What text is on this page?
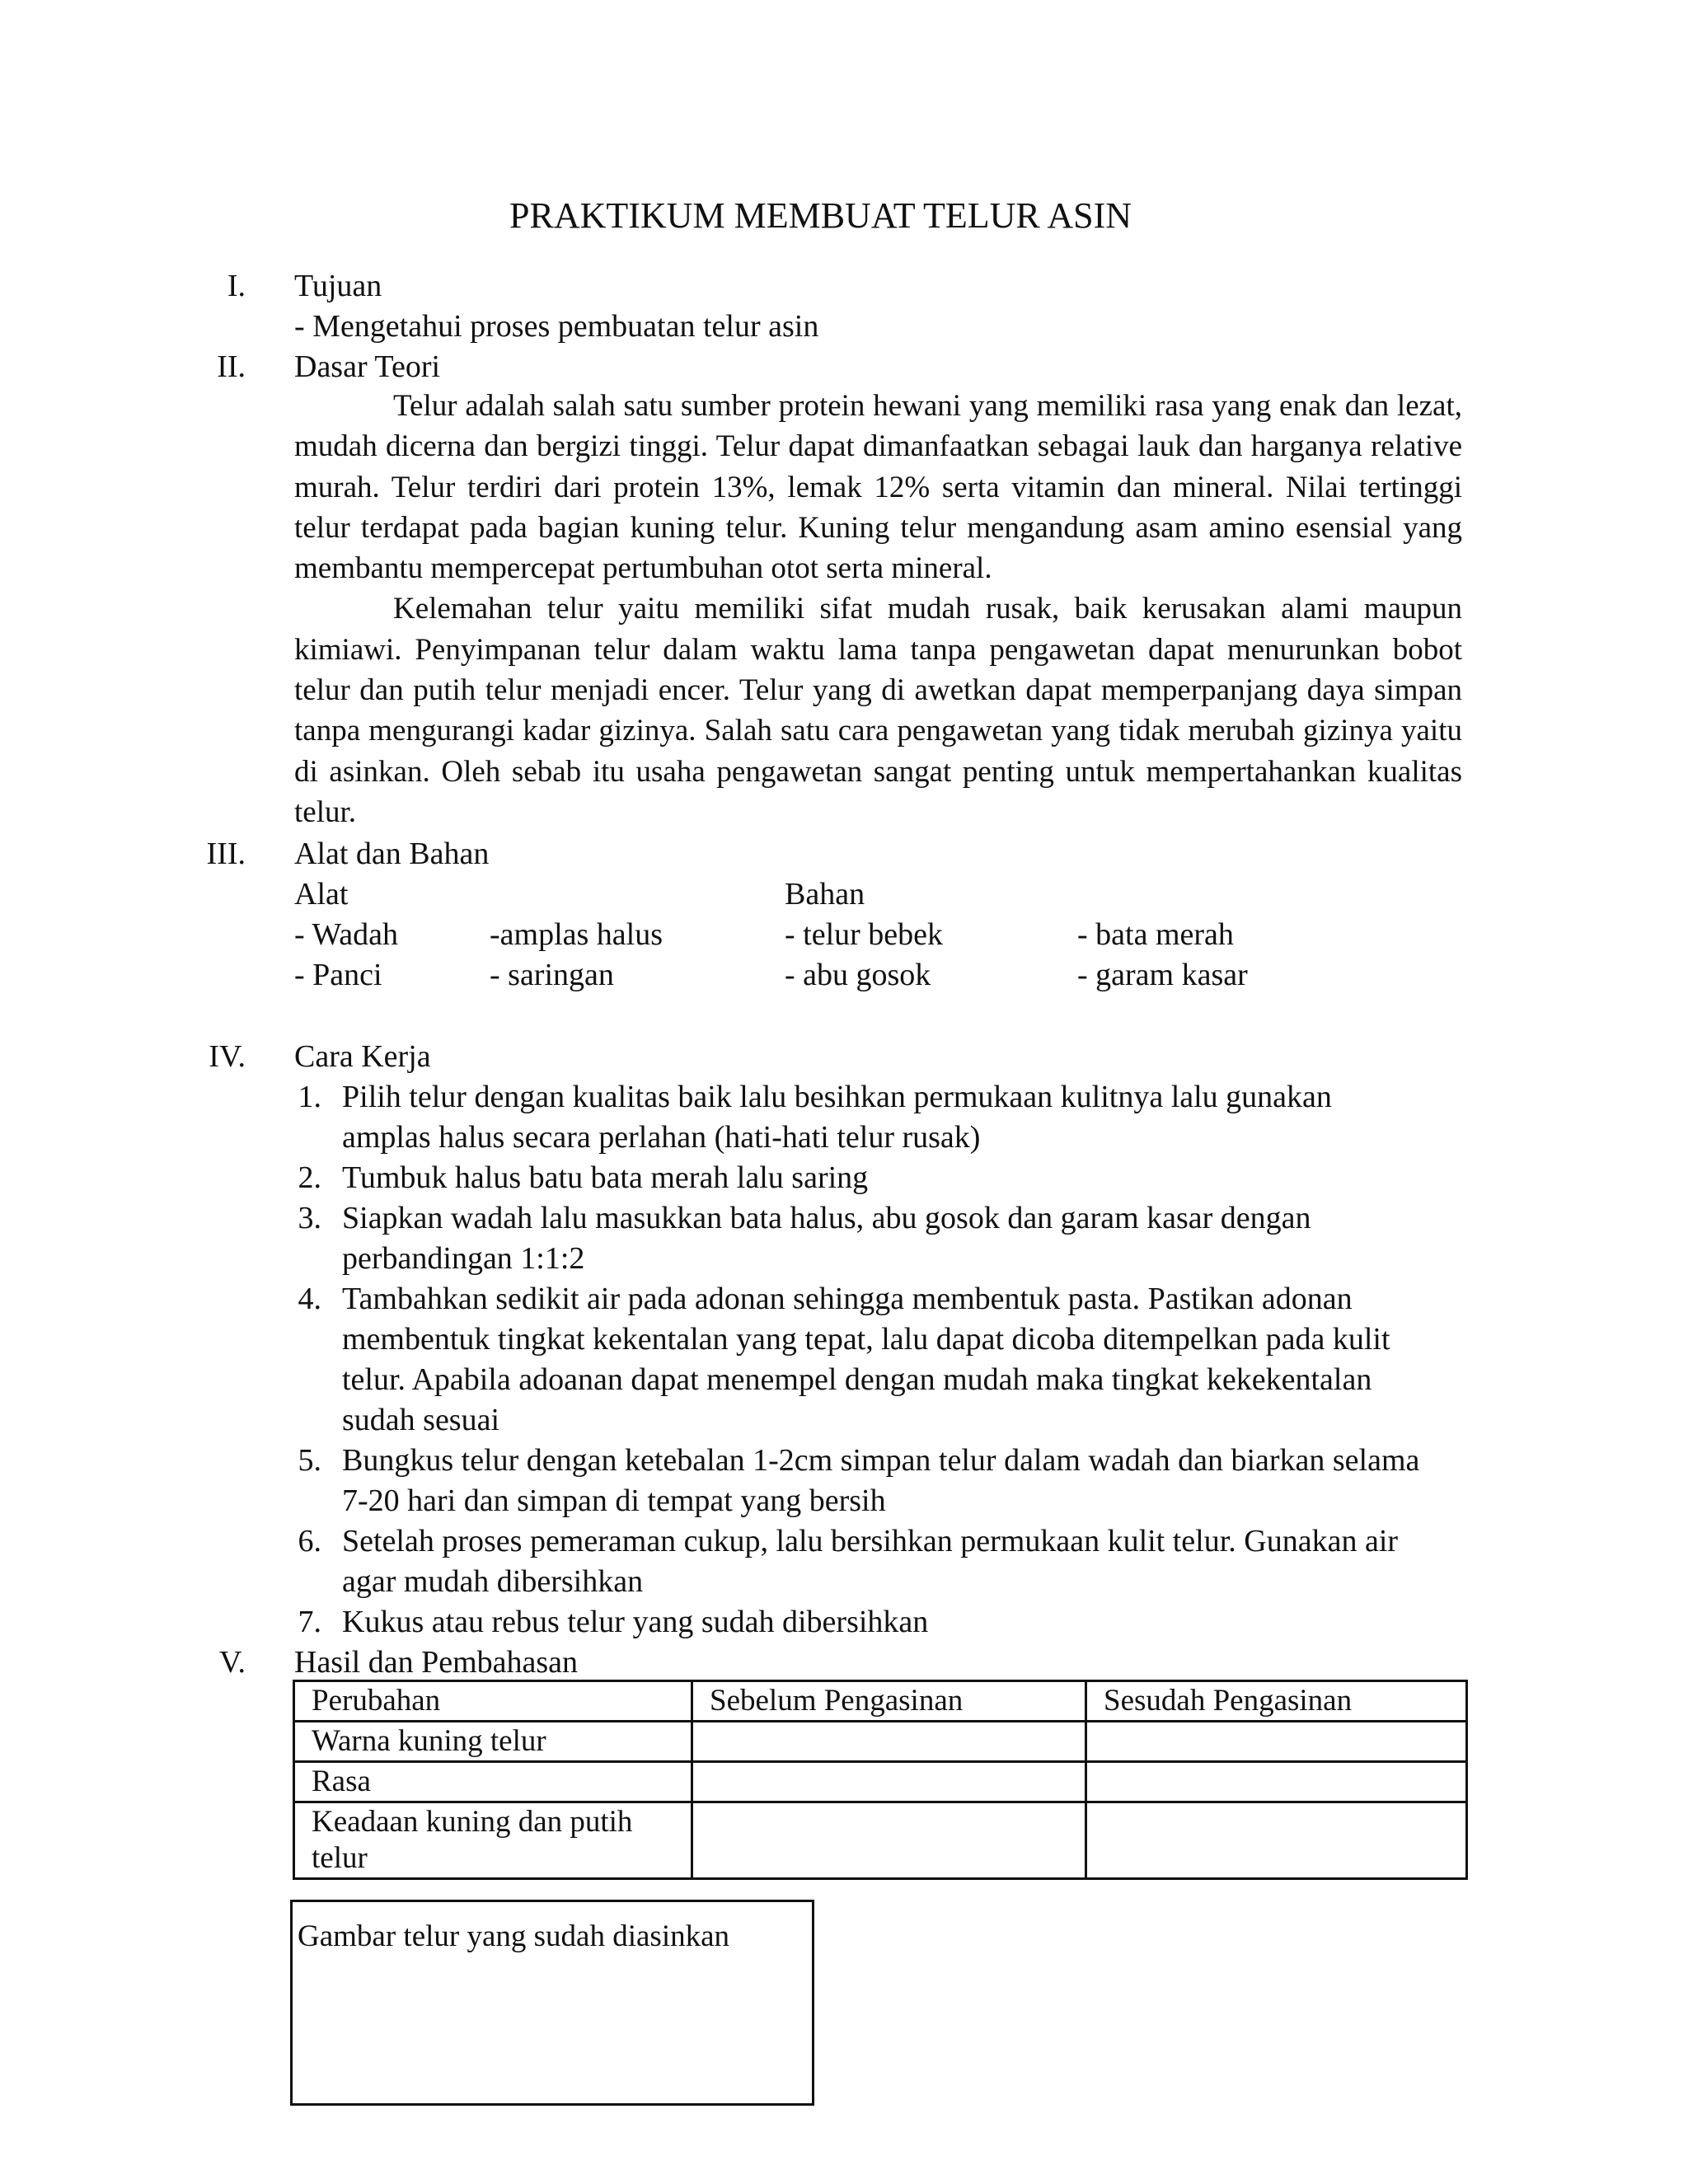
PRAKTIKUM MEMBUAT TELUR ASIN
I. Tujuan
- Mengetahui proses pembuatan telur asin
II. Dasar Teori

Telur adalah salah satu sumber protein hewani yang memiliki rasa yang enak dan lezat, mudah dicerna dan bergizi tinggi. Telur dapat dimanfaatkan sebagai lauk dan harganya relative murah. Telur terdiri dari protein 13%, lemak 12% serta vitamin dan mineral. Nilai tertinggi telur terdapat pada bagian kuning telur. Kuning telur mengandung asam amino esensial yang membantu mempercepat pertumbuhan otot serta mineral.

Kelemahan telur yaitu memiliki sifat mudah rusak, baik kerusakan alami maupun kimiawi. Penyimpanan telur dalam waktu lama tanpa pengawetan dapat menurunkan bobot telur dan putih telur menjadi encer. Telur yang di awetkan dapat memperpanjang daya simpan tanpa mengurangi kadar gizinya. Salah satu cara pengawetan yang tidak merubah gizinya yaitu di asinkan. Oleh sebab itu usaha pengawetan sangat penting untuk mempertahankan kualitas telur.

III. Alat dan Bahan
Alat	Bahan
- Wadah	-amplas halus	- telur bebek	- bata merah
- Panci	- saringan	- abu gosok	- garam kasar
IV. Cara Kerja
1. Pilih telur dengan kualitas baik lalu besihkan permukaan kulitnya lalu gunakan
amplas halus secara perlahan (hati-hati telur rusak)
2. Tumbuk halus batu bata merah lalu saring
3. Siapkan wadah lalu masukkan bata halus, abu gosok dan garam kasar dengan
perbandingan 1:1:2
4. Tambahkan sedikit air pada adonan sehingga membentuk pasta. Pastikan adonan
membentuk tingkat kekentalan yang tepat, lalu dapat dicoba ditempelkan pada kulit
telur. Apabila adoanan dapat menempel dengan mudah maka tingkat kekekentalan
sudah sesuai
5. Bungkus telur dengan ketebalan 1-2cm simpan telur dalam wadah dan biarkan selama
7-20 hari dan simpan di tempat yang bersih
6. Setelah proses pemeraman cukup, lalu bersihkan permukaan kulit telur. Gunakan air
agar mudah dibersihkan
7. Kukus atau rebus telur yang sudah dibersihkan
V. Hasil dan Pembahasan
Perubahan	Sebelum Pengasinan	Sesudah Pengasinan
Warna kuning telur		
Rasa		
Keadaan kuning dan putih telur		
Gambar telur yang sudah diasinkan
